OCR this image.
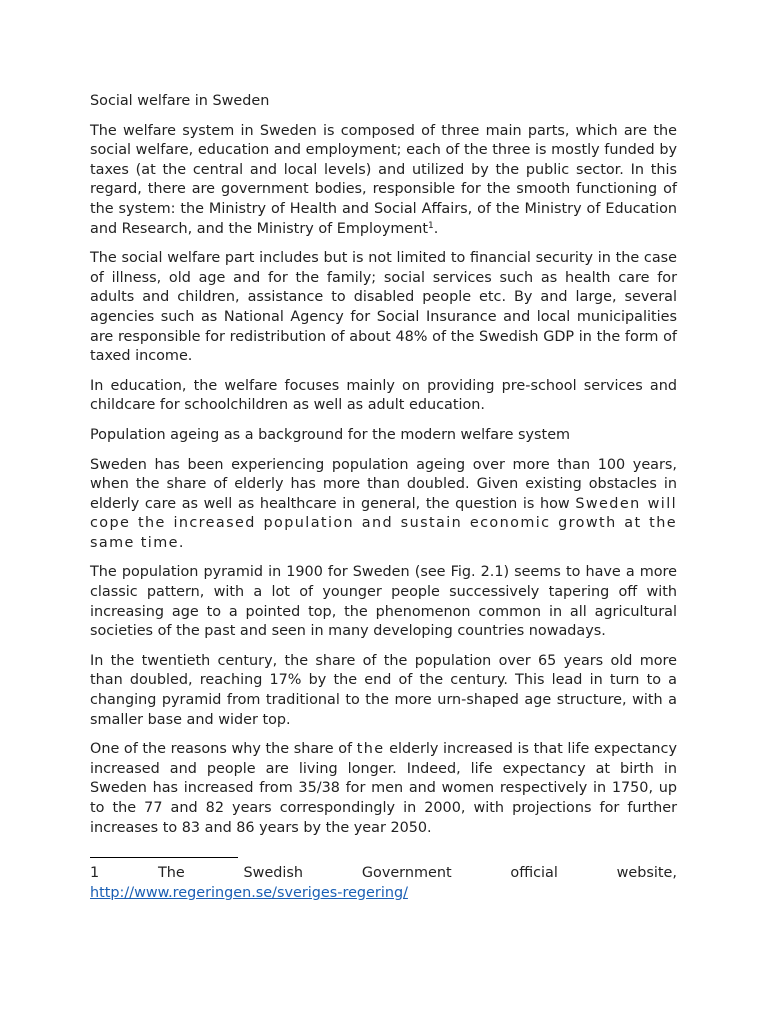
Social welfare in Sweden

The welfare system in Sweden is composed of three main parts, which are the social welfare, education and employment; each of the three is mostly funded by taxes (at the central and local levels) and utilized by the public sector. In this regard, there are government bodies, responsible for the smooth functioning of the system: the Ministry of Health and Social Affairs, of the Ministry of Education and Research, and the Ministry of Employment$^1$.

The social welfare part includes but is not limited to financial security in the case of illness, old age and for the family; social services such as health care for adults and children, assistance to disabled people etc. By and large, several agencies such as National Agency for Social Insurance and local municipalities are responsible for redistribution of about 48% of the Swedish GDP in the form of taxed income.

In education, the welfare focuses mainly on providing pre-school services and childcare for schoolchildren as well as adult education.

Population ageing as a background for the modern welfare system

Sweden has been experiencing population ageing over more than 100 years, when the share of elderly has more than doubled. Given existing obstacles in elderly care as well as healthcare in general, the question is how Sweden will cope the increased population and sustain economic growth at the same time.

The population pyramid in 1900 for Sweden (see Fig. 2.1) seems to have a more classic pattern, with a lot of younger people successively tapering off with increasing age to a pointed top, the phenomenon common in all agricultural societies of the past and seen in many developing countries nowadays.

In the twentieth century, the share of the population over 65 years old more than doubled, reaching 17% by the end of the century. This lead in turn to a changing pyramid from traditional to the more urn-shaped age structure, with a smaller base and wider top.

One of the reasons why the share of the elderly increased is that life expectancy increased and people are living longer. Indeed, life expectancy at birth in Sweden has increased from 35/38 for men and women respectively in 1750, up to the 77 and 82 years correspondingly in 2000, with projections for further increases to 83 and 86 years by the year 2050.

1	The Swedish Government official website,
http://www.regeringen.se/sveriges-regering/
